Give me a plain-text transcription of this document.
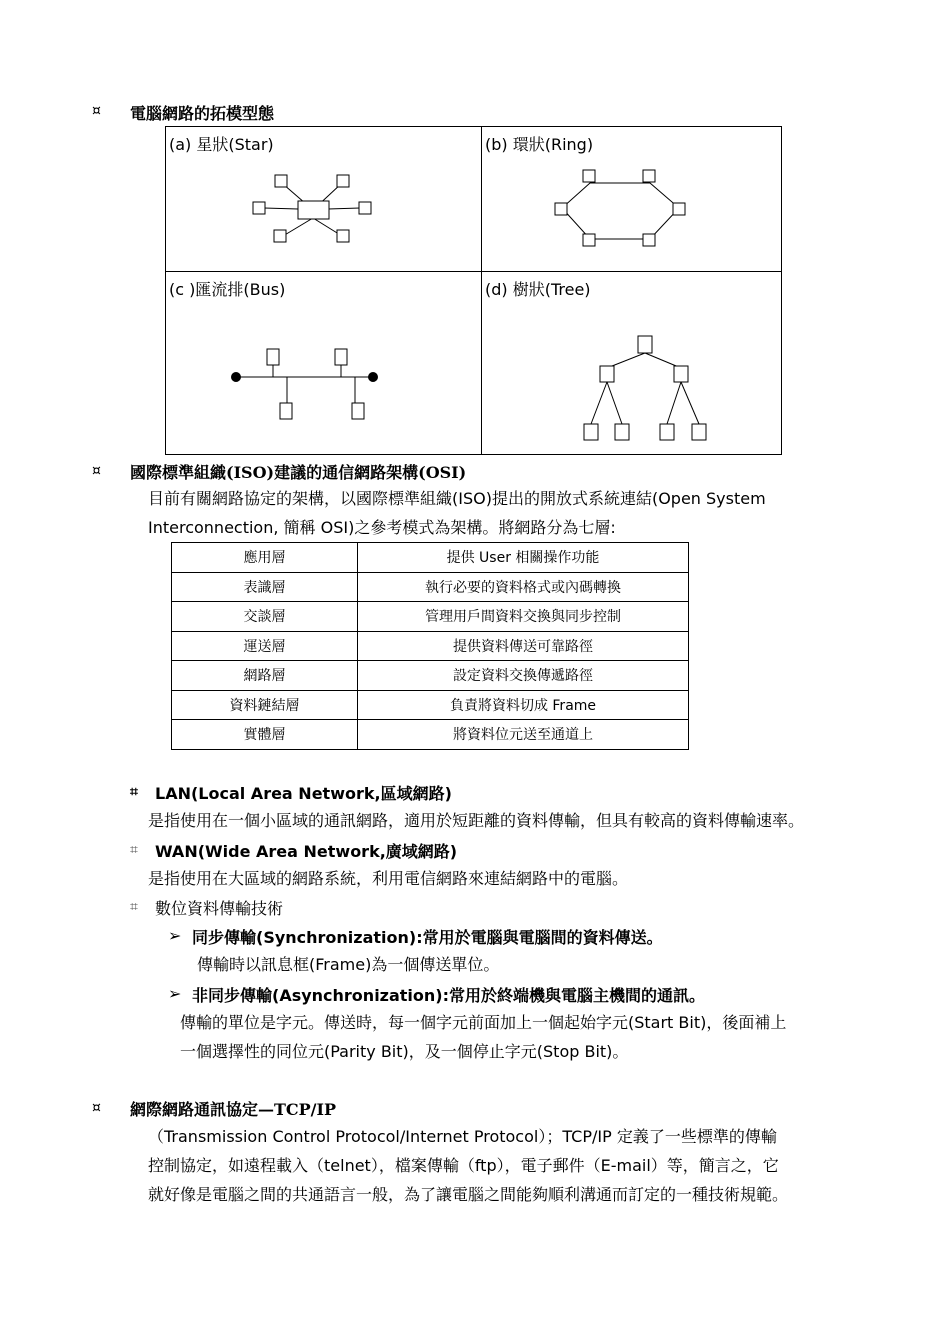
¤ 電腦網路的拓模型態
(a) 星狀(Star)	(b) 環狀(Ring)
(c )匯流排(Bus)	(d) 樹狀(Tree)
¤ 國際標準組織(ISO)建議的通信網路架構(OSI)
目前有關網路協定的架構，以國際標準組織(ISO)提出的開放式系統連結(Open System
Interconnection, 簡稱 OSI)之參考模式為架構。將網路分為七層:
應用層	提供 User 相關操作功能
表識層	執行必要的資料格式或內碼轉換
交談層	管理用戶間資料交換與同步控制
運送層	提供資料傳送可靠路徑
網路層	設定資料交換傳遞路徑
資料鏈結層	負責將資料切成 Frame
實體層	將資料位元送至通道上
⌗ LAN(Local Area Network,區域網路)
是指使用在一個小區域的通訊網路，適用於短距離的資料傳輸，但具有較高的資料傳輸速率。
⌗ WAN(Wide Area Network,廣域網路)
是指使用在大區域的網路系統，利用電信網路來連結網路中的電腦。
⌗ 數位資料傳輸技術
➢ 同步傳輸(Synchronization):常用於電腦與電腦間的資料傳送。
傳輸時以訊息框(Frame)為一個傳送單位。
➢ 非同步傳輸(Asynchronization):常用於終端機與電腦主機間的通訊。
傳輸的單位是字元。傳送時，每一個字元前面加上一個起始字元(Start Bit)，後面補上
一個選擇性的同位元(Parity Bit)，及一個停止字元(Stop Bit)。
¤ 網際網路通訊協定—TCP/IP
（Transmission Control Protocol/Internet Protocol）；TCP/IP 定義了一些標準的傳輸
控制協定，如遠程載入（telnet），檔案傳輸（ftp），電子郵件（E-mail）等，簡言之，它
就好像是電腦之間的共通語言一般，為了讓電腦之間能夠順利溝通而訂定的一種技術規範。
